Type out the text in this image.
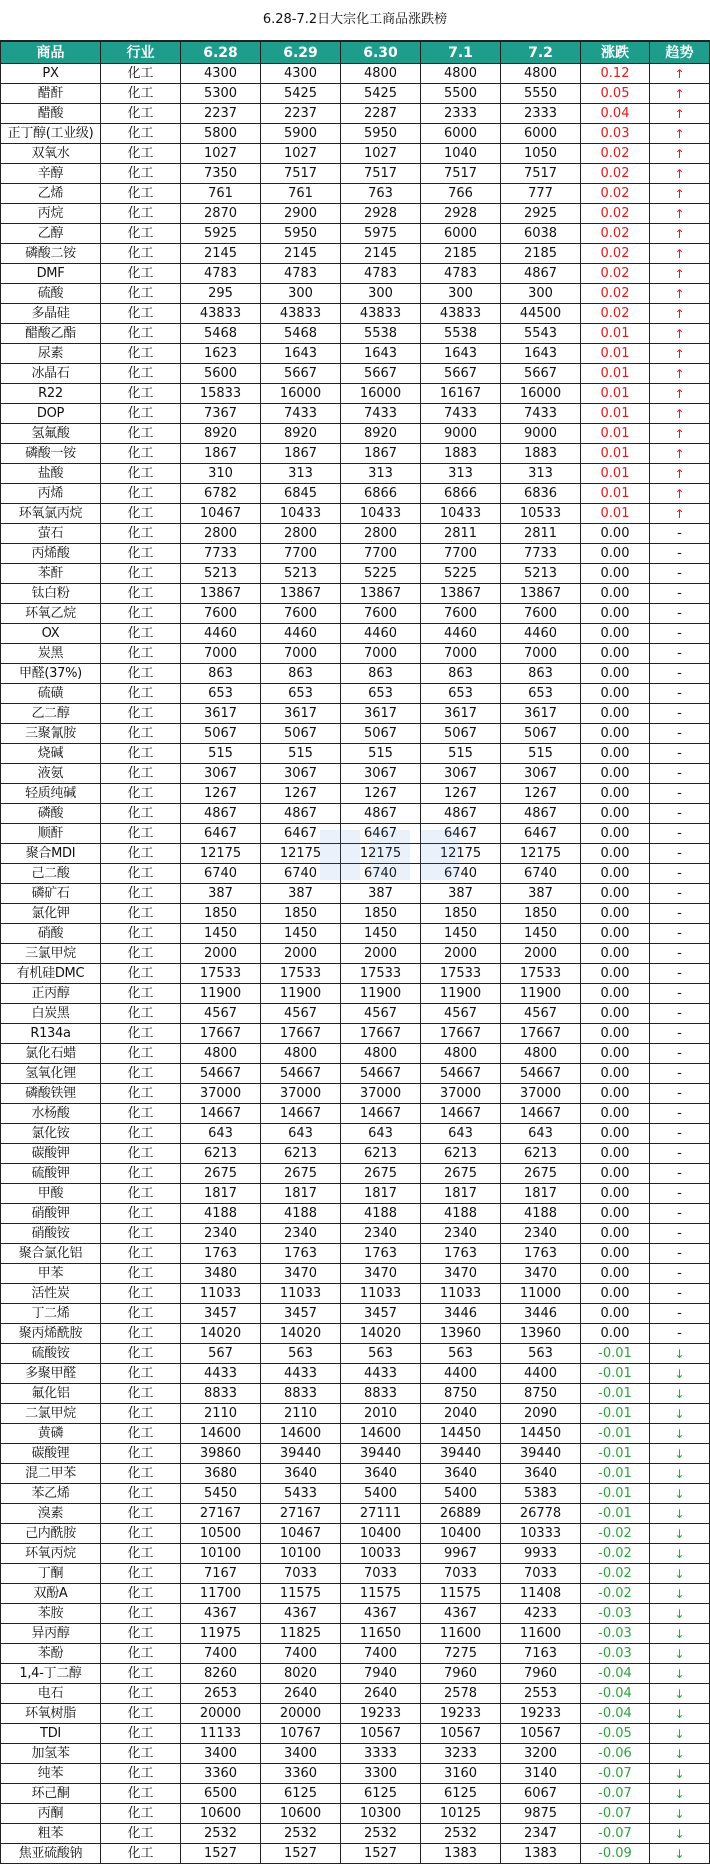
6.28-7.2日大宗化工商品涨跌榜
商品	行业	6.28	6.29	6.30	7.1	7.2	涨跌	趋势
PX	化工	4300	4300	4800	4800	4800	0.12	↑
醋酐	化工	5300	5425	5425	5500	5550	0.05	↑
醋酸	化工	2237	2237	2287	2333	2333	0.04	↑
正丁醇(工业级)	化工	5800	5900	5950	6000	6000	0.03	↑
双氧水	化工	1027	1027	1027	1040	1050	0.02	↑
辛醇	化工	7350	7517	7517	7517	7517	0.02	↑
乙烯	化工	761	761	763	766	777	0.02	↑
丙烷	化工	2870	2900	2928	2928	2925	0.02	↑
乙醇	化工	5925	5950	5975	6000	6038	0.02	↑
磷酸二铵	化工	2145	2145	2145	2185	2185	0.02	↑
DMF	化工	4783	4783	4783	4783	4867	0.02	↑
硫酸	化工	295	300	300	300	300	0.02	↑
多晶硅	化工	43833	43833	43833	43833	44500	0.02	↑
醋酸乙酯	化工	5468	5468	5538	5538	5543	0.01	↑
尿素	化工	1623	1643	1643	1643	1643	0.01	↑
冰晶石	化工	5600	5667	5667	5667	5667	0.01	↑
R22	化工	15833	16000	16000	16167	16000	0.01	↑
DOP	化工	7367	7433	7433	7433	7433	0.01	↑
氢氟酸	化工	8920	8920	8920	9000	9000	0.01	↑
磷酸一铵	化工	1867	1867	1867	1883	1883	0.01	↑
盐酸	化工	310	313	313	313	313	0.01	↑
丙烯	化工	6782	6845	6866	6866	6836	0.01	↑
环氧氯丙烷	化工	10467	10433	10433	10433	10533	0.01	↑
萤石	化工	2800	2800	2800	2811	2811	0.00	-
丙烯酸	化工	7733	7700	7700	7700	7733	0.00	-
苯酐	化工	5213	5213	5225	5225	5213	0.00	-
钛白粉	化工	13867	13867	13867	13867	13867	0.00	-
环氧乙烷	化工	7600	7600	7600	7600	7600	0.00	-
OX	化工	4460	4460	4460	4460	4460	0.00	-
炭黑	化工	7000	7000	7000	7000	7000	0.00	-
甲醛(37%)	化工	863	863	863	863	863	0.00	-
硫磺	化工	653	653	653	653	653	0.00	-
乙二醇	化工	3617	3617	3617	3617	3617	0.00	-
三聚氰胺	化工	5067	5067	5067	5067	5067	0.00	-
烧碱	化工	515	515	515	515	515	0.00	-
液氨	化工	3067	3067	3067	3067	3067	0.00	-
轻质纯碱	化工	1267	1267	1267	1267	1267	0.00	-
磷酸	化工	4867	4867	4867	4867	4867	0.00	-
顺酐	化工	6467	6467	6467	6467	6467	0.00	-
聚合MDI	化工	12175	12175	12175	12175	12175	0.00	-
己二酸	化工	6740	6740	6740	6740	6740	0.00	-
磷矿石	化工	387	387	387	387	387	0.00	-
氯化钾	化工	1850	1850	1850	1850	1850	0.00	-
硝酸	化工	1450	1450	1450	1450	1450	0.00	-
三氯甲烷	化工	2000	2000	2000	2000	2000	0.00	-
有机硅DMC	化工	17533	17533	17533	17533	17533	0.00	-
正丙醇	化工	11900	11900	11900	11900	11900	0.00	-
白炭黑	化工	4567	4567	4567	4567	4567	0.00	-
R134a	化工	17667	17667	17667	17667	17667	0.00	-
氯化石蜡	化工	4800	4800	4800	4800	4800	0.00	-
氢氧化锂	化工	54667	54667	54667	54667	54667	0.00	-
磷酸铁锂	化工	37000	37000	37000	37000	37000	0.00	-
水杨酸	化工	14667	14667	14667	14667	14667	0.00	-
氯化铵	化工	643	643	643	643	643	0.00	-
碳酸钾	化工	6213	6213	6213	6213	6213	0.00	-
硫酸钾	化工	2675	2675	2675	2675	2675	0.00	-
甲酸	化工	1817	1817	1817	1817	1817	0.00	-
硝酸钾	化工	4188	4188	4188	4188	4188	0.00	-
硝酸铵	化工	2340	2340	2340	2340	2340	0.00	-
聚合氯化铝	化工	1763	1763	1763	1763	1763	0.00	-
甲苯	化工	3480	3470	3470	3470	3470	0.00	-
活性炭	化工	11033	11033	11033	11033	11000	0.00	-
丁二烯	化工	3457	3457	3457	3446	3446	0.00	-
聚丙烯酰胺	化工	14020	14020	14020	13960	13960	0.00	-
硫酸铵	化工	567	563	563	563	563	-0.01	↓
多聚甲醛	化工	4433	4433	4433	4400	4400	-0.01	↓
氟化铝	化工	8833	8833	8833	8750	8750	-0.01	↓
二氯甲烷	化工	2110	2110	2010	2040	2090	-0.01	↓
黄磷	化工	14600	14600	14600	14450	14450	-0.01	↓
碳酸锂	化工	39860	39440	39440	39440	39440	-0.01	↓
混二甲苯	化工	3680	3640	3640	3640	3640	-0.01	↓
苯乙烯	化工	5450	5433	5400	5400	5383	-0.01	↓
溴素	化工	27167	27167	27111	26889	26778	-0.01	↓
己内酰胺	化工	10500	10467	10400	10400	10333	-0.02	↓
环氧丙烷	化工	10100	10100	10033	9967	9933	-0.02	↓
丁酮	化工	7167	7033	7033	7033	7033	-0.02	↓
双酚A	化工	11700	11575	11575	11575	11408	-0.02	↓
苯胺	化工	4367	4367	4367	4367	4233	-0.03	↓
异丙醇	化工	11975	11825	11650	11600	11600	-0.03	↓
苯酚	化工	7400	7400	7400	7275	7163	-0.03	↓
1,4-丁二醇	化工	8260	8020	7940	7960	7960	-0.04	↓
电石	化工	2653	2640	2640	2578	2553	-0.04	↓
环氧树脂	化工	20000	20000	19233	19233	19233	-0.04	↓
TDI	化工	11133	10767	10567	10567	10567	-0.05	↓
加氢苯	化工	3400	3400	3333	3233	3200	-0.06	↓
纯苯	化工	3360	3360	3300	3160	3140	-0.07	↓
环己酮	化工	6500	6125	6125	6125	6067	-0.07	↓
丙酮	化工	10600	10600	10300	10125	9875	-0.07	↓
粗苯	化工	2532	2532	2532	2532	2347	-0.07	↓
焦亚硫酸钠	化工	1527	1527	1527	1383	1383	-0.09	↓
